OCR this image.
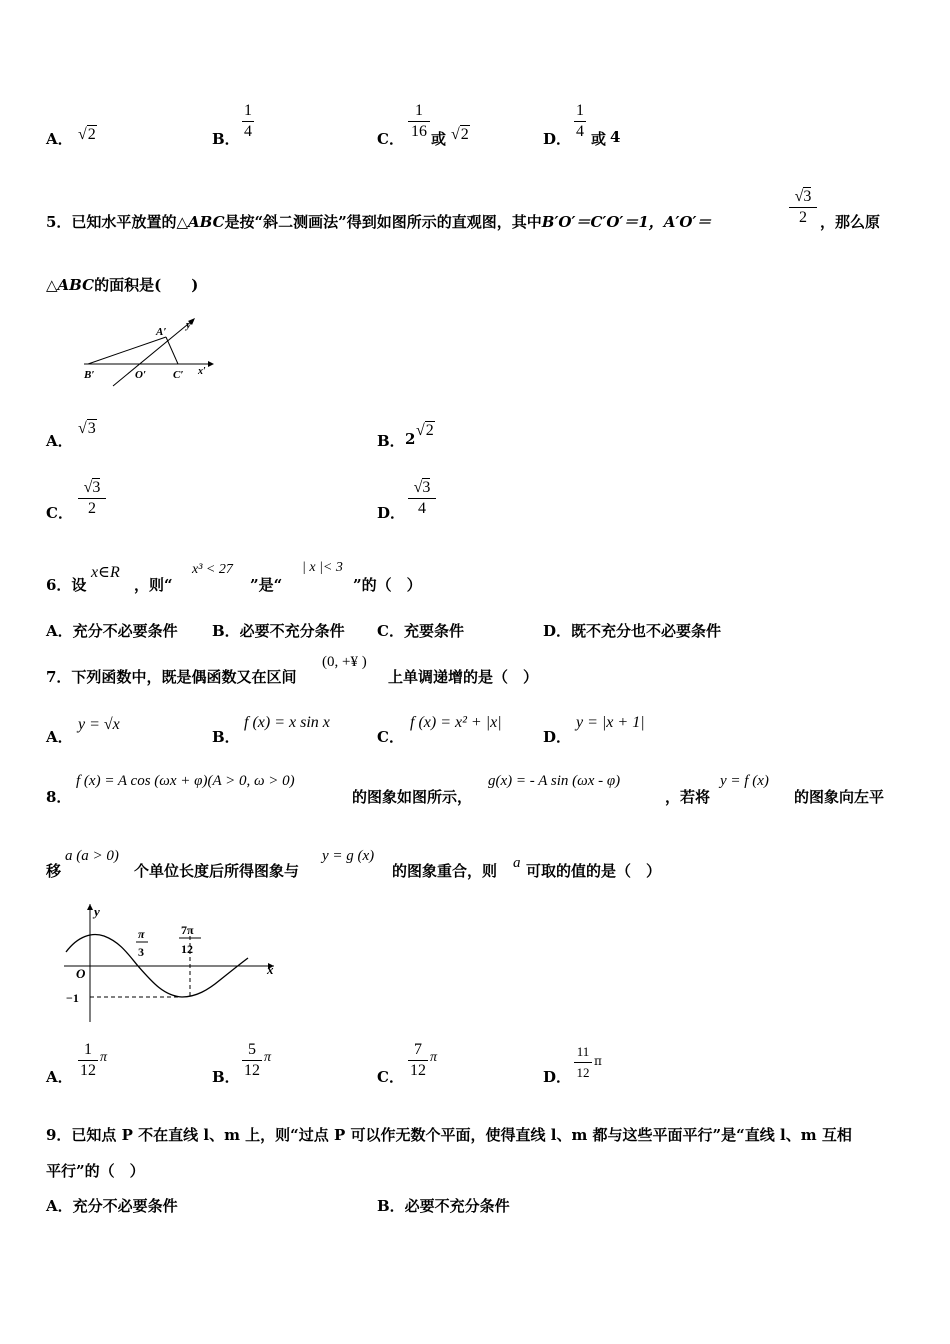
A． √2	B．
1
4	C．
1
16 或 √2	D．
1
4 或 4
5．已知水平放置的△ABC是按“斜二测画法”得到如图所示的直观图，其中B′O′＝C′O′＝1，A′O′＝
√3
2 ，那么原
△ABC的面积是(　　)
A′
y′
B′	O′ C′ x′
A．
√3
B． 2 √2
C．
√3
2	D．
√3
4
6．设
x∈R
，则“
x³ < 27
”是“
| x |< 3
”的（　）
A．充分不必要条件 B．必要不充分条件 C．充要条件	D．既不充分也不必要条件
7．下列函数中，既是偶函数又在区间
(0, +¥ )
上单调递增的是（　）
A．
y = √x
B．
f (x) = x sin x
C．
f (x) = x² + |x|
D．
y = |x + 1|
8．
f (x) = A cos (ωx + φ)(A > 0, ω > 0)
的图象如图所示，
g(x) = - A sin (ωx - φ)
，若将
y = f (x)
的图象向左平
移
a (a > 0)
个单位长度后所得图象与
y = g (x)
的图象重合，则 a 可取的值的是（　）
y
x
O
π
3
7π
12
−1
A．
1
12
π
B．
5
12
π
C．
7
12
π
D．
11
12
π
9．已知点 P 不在直线 l、m 上，则“过点 P 可以作无数个平面，使得直线 l、m 都与这些平面平行”是“直线 l、m 互相
平行”的（　）
A．充分不必要条件	B．必要不充分条件
